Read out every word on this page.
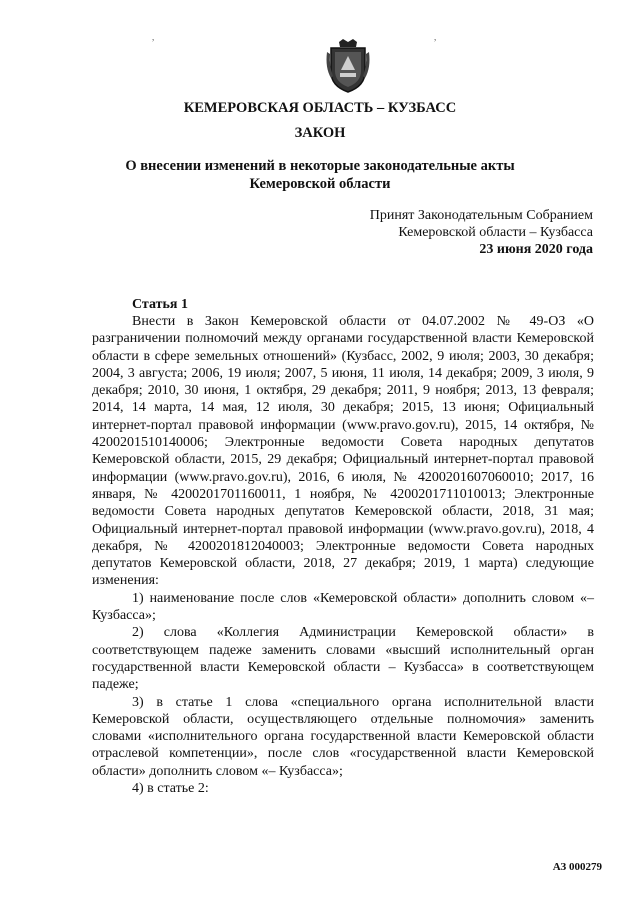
,	,
КЕМЕРОВСКАЯ ОБЛАСТЬ – КУЗБАСС
ЗАКОН
О внесении изменений в некоторые законодательные акты
Кемеровской области
Принят Законодательным Собранием
Кемеровской области – Кузбасса
23 июня 2020 года
Статья 1

Внести в Закон Кемеровской области от 04.07.2002 № 49-ОЗ «О разграничении полномочий между органами государственной власти Кемеровской области в сфере земельных отношений» (Кузбасс, 2002, 9 июля; 2003, 30 декабря; 2004, 3 августа; 2006, 19 июля; 2007, 5 июня, 11 июля, 14 декабря; 2009, 3 июля, 9 декабря; 2010, 30 июня, 1 октября, 29 декабря; 2011, 9 ноября; 2013, 13 февраля; 2014, 14 марта, 14 мая, 12 июля, 30 декабря; 2015, 13 июня; Официальный интернет-портал правовой информации (www.pravo.gov.ru), 2015, 14 октября, № 4200201510140006; Электронные ведомости Совета народных депутатов Кемеровской области, 2015, 29 декабря; Официальный интернет-портал правовой информации (www.pravo.gov.ru), 2016, 6 июля, № 4200201607060010; 2017, 16 января, № 4200201701160011, 1 ноября, № 4200201711010013; Электронные ведомости Совета народных депутатов Кемеровской области, 2018, 31 мая; Официальный интернет-портал правовой информации (www.pravo.gov.ru), 2018, 4 декабря, № 4200201812040003; Электронные ведомости Совета народных депутатов Кемеровской области, 2018, 27 декабря; 2019, 1 марта) следующие изменения:

1) наименование после слов «Кемеровской области» дополнить словом «– Кузбасса»;

2) слова «Коллегия Администрации Кемеровской области» в соответствующем падеже заменить словами «высший исполнительный орган государственной власти Кемеровской области – Кузбасса» в соответствующем падеже;

3) в статье 1 слова «специального органа исполнительной власти Кемеровской области, осуществляющего отдельные полномочия» заменить словами «исполнительного органа государственной власти Кемеровской области отраслевой компетенции», после слов «государственной власти Кемеровской области» дополнить словом «– Кузбасса»;

4) в статье 2:

АЗ 000279
